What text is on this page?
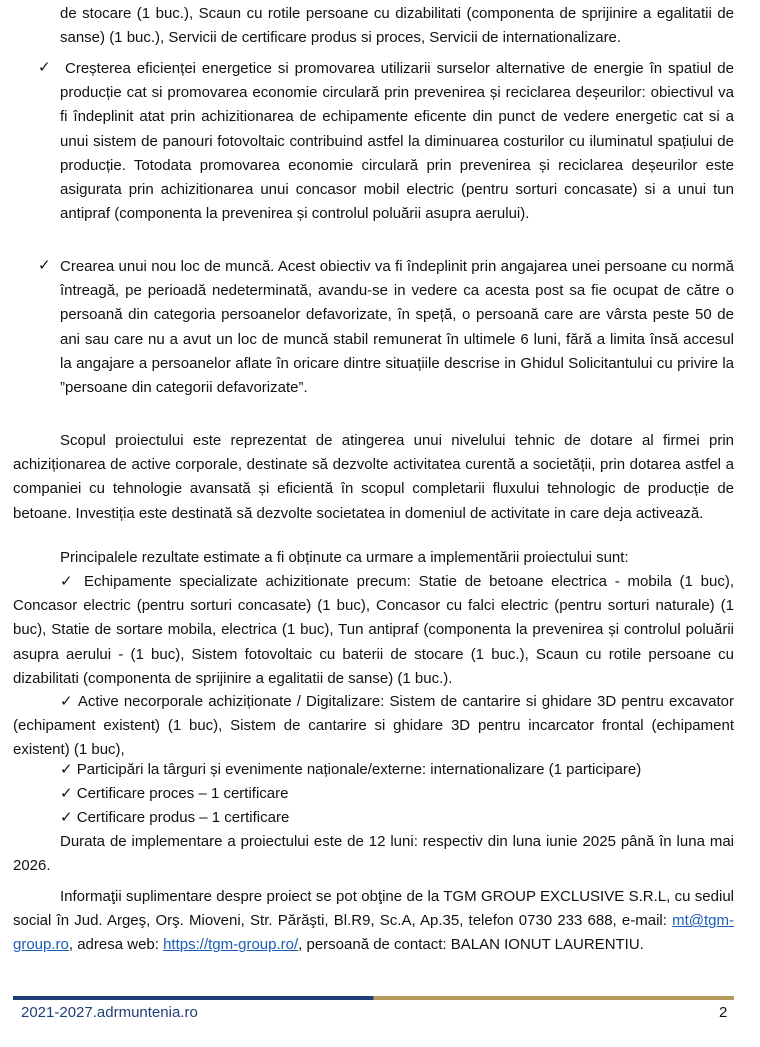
de stocare (1 buc.), Scaun cu rotile persoane cu dizabilitati (componenta de sprijinire a egalitatii de sanse) (1 buc.), Servicii de certificare produs si proces, Servicii de internationalizare.

✓ Creșterea eficienței energetice si promovarea utilizarii surselor alternative de energie în spatiul de producție cat si promovarea economie circulară prin prevenirea și reciclarea deșeurilor: obiectivul va fi îndeplinit atat prin achizitionarea de echipamente eficente din punct de vedere energetic cat si a unui sistem de panouri fotovoltaic contribuind astfel la diminuarea costurilor cu iluminatul spațiului de producție. Totodata promovarea economie circulară prin prevenirea și reciclarea deșeurilor este asigurata prin achizitionarea unui concasor mobil electric (pentru sorturi concasate) si a unui tun antipraf (componenta la prevenirea și controlul poluării asupra aerului).

✓ Crearea unui nou loc de muncă. Acest obiectiv va fi îndeplinit prin angajarea unei persoane cu normă întreagă, pe perioadă nedeterminată, avandu-se in vedere ca acesta post sa fie ocupat de către o persoană din categoria persoanelor defavorizate, în speță, o persoană care are vârsta peste 50 de ani sau care nu a avut un loc de muncă stabil remunerat în ultimele 6 luni, fără a limita însă accesul la angajare a persoanelor aflate în oricare dintre situațiile descrise in Ghidul Solicitantului cu privire la ”persoane din categorii defavorizate”.

Scopul proiectului este reprezentat de atingerea unui nivelului tehnic de dotare al firmei prin achiziționarea de active corporale, destinate să dezvolte activitatea curentă a societății, prin dotarea astfel a companiei cu tehnologie avansată și eficientă în scopul completarii fluxului tehnologic de producție de betoane. Investiția este destinată să dezvolte societatea in domeniul de activitate in care deja activează.

Principalele rezultate estimate a fi obținute ca urmare a implementării proiectului sunt:

✓ Echipamente specializate achizitionate precum: Statie de betoane electrica - mobila (1 buc), Concasor electric (pentru sorturi concasate) (1 buc), Concasor cu falci electric (pentru sorturi naturale) (1 buc), Statie de sortare mobila, electrica (1 buc), Tun antipraf (componenta la prevenirea și controlul poluării asupra aerului - (1 buc), Sistem fotovoltaic cu baterii de stocare (1 buc.), Scaun cu rotile persoane cu dizabilitati (componenta de sprijinire a egalitatii de sanse) (1 buc.).

✓ Active necorporale achiziționate / Digitalizare: Sistem de cantarire si ghidare 3D pentru excavator (echipament existent) (1 buc), Sistem de cantarire si ghidare 3D pentru incarcator frontal (echipament existent) (1 buc),

✓ Participări la târguri și evenimente naționale/externe: internationalizare (1 participare)

✓ Certificare proces – 1 certificare

✓ Certificare produs – 1 certificare

Durata de implementare a proiectului este de 12 luni: respectiv din luna iunie 2025 până în luna mai 2026.

Informaţii suplimentare despre proiect se pot obţine de la TGM GROUP EXCLUSIVE S.R.L, cu sediul social în Jud. Argeş, Orş. Mioveni, Str. Părăşti, Bl.R9, Sc.A, Ap.35, telefon 0730 233 688, e-mail: mt@tgm-group.ro, adresa web: https://tgm-group.ro/, persoană de contact: BALAN IONUT LAURENTIU.

2021-2027.adrmuntenia.ro	2
